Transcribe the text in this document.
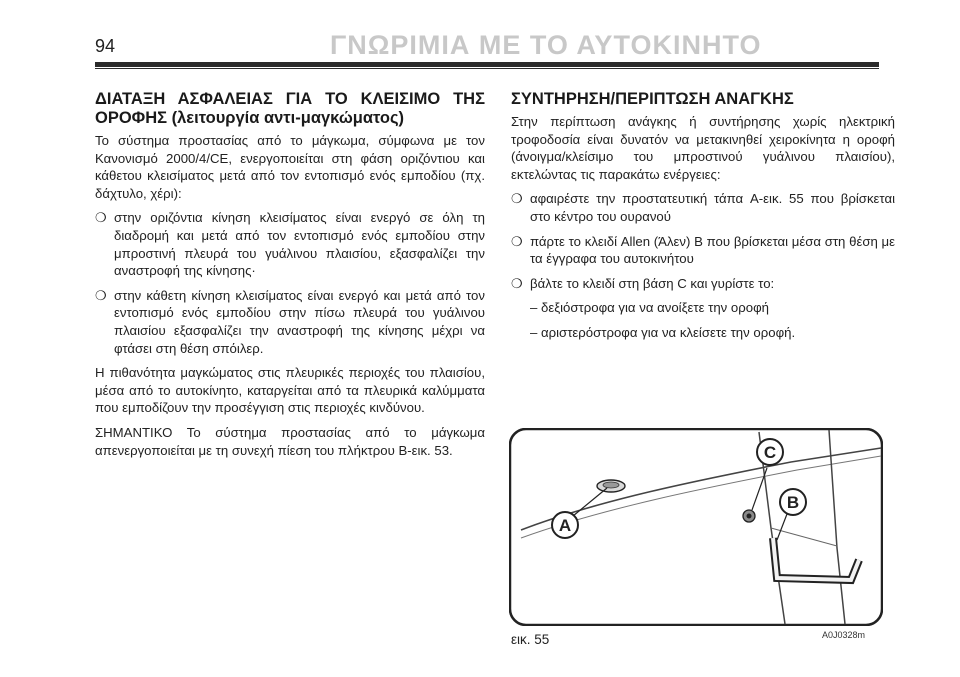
94	ΓΝΩΡΙΜΙΑ ΜΕ ΤΟ ΑΥΤΟΚΙΝΗΤΟ
ΔΙΑΤΑΞΗ ΑΣΦΑΛΕΙΑΣ ΓΙΑ ΤΟ ΚΛΕΙΣΙΜΟ ΤΗΣ ΟΡΟΦΗΣ (λειτουργία αντι-μαγκώματος)

Το σύστημα προστασίας από το μάγκωμα, σύμφωνα με τον Κανονισμό 2000/4/CE, ενεργοποιείται στη φάση οριζόντιου και κάθετου κλεισίματος μετά από τον εντοπισμό ενός εμποδίου (πχ. δάχτυλο, χέρι):

❍ στην οριζόντια κίνηση κλεισίματος είναι ενεργό σε όλη τη διαδρομή και μετά από τον εντοπισμό ενός εμποδίου στην μπροστινή πλευρά του γυάλινου πλαισίου, εξασφαλίζει την αναστροφή της κίνησης·
❍ στην κάθετη κίνηση κλεισίματος είναι ενεργό και μετά από τον εντοπισμό ενός εμποδίου στην πίσω πλευρά του γυάλινου πλαισίου εξασφαλίζει την αναστροφή της κίνησης μέχρι να φτάσει στη θέση σπόιλερ.

Η πιθανότητα μαγκώματος στις πλευρικές περιοχές του πλαισίου, μέσα από το αυτοκίνητο, καταργείται από τα πλευρικά καλύμματα που εμποδίζουν την προσέγγιση στις περιοχές κινδύνου.

ΣΗΜΑΝΤΙΚΟ Το σύστημα προστασίας από το μάγκωμα απενεργοποιείται με τη συνεχή πίεση του πλήκτρου B-εικ. 53.

ΣΥΝΤΗΡΗΣΗ/ΠΕΡΙΠΤΩΣΗ ΑΝΑΓΚΗΣ

Στην περίπτωση ανάγκης ή συντήρησης χωρίς ηλεκτρική τροφοδοσία είναι δυνατόν να μετακινηθεί χειροκίνητα η οροφή (άνοιγμα/κλείσιμο του μπροστινού γυάλινου πλαισίου), εκτελώντας τις παρακάτω ενέργειες:

❍ αφαιρέστε την προστατευτική τάπα A-εικ. 55 που βρίσκεται στο κέντρο του ουρανού
❍ πάρτε το κλειδί Allen (Άλεν) B που βρίσκεται μέσα στη θέση με τα έγγραφα του αυτοκινήτου
❍ βάλτε το κλειδί στη βάση C και γυρίστε το:
– δεξιόστροφα για να ανοίξετε την οροφή
– αριστερόστροφα για να κλείσετε την οροφή.
A
C
B
εικ. 55	A0J0328m
